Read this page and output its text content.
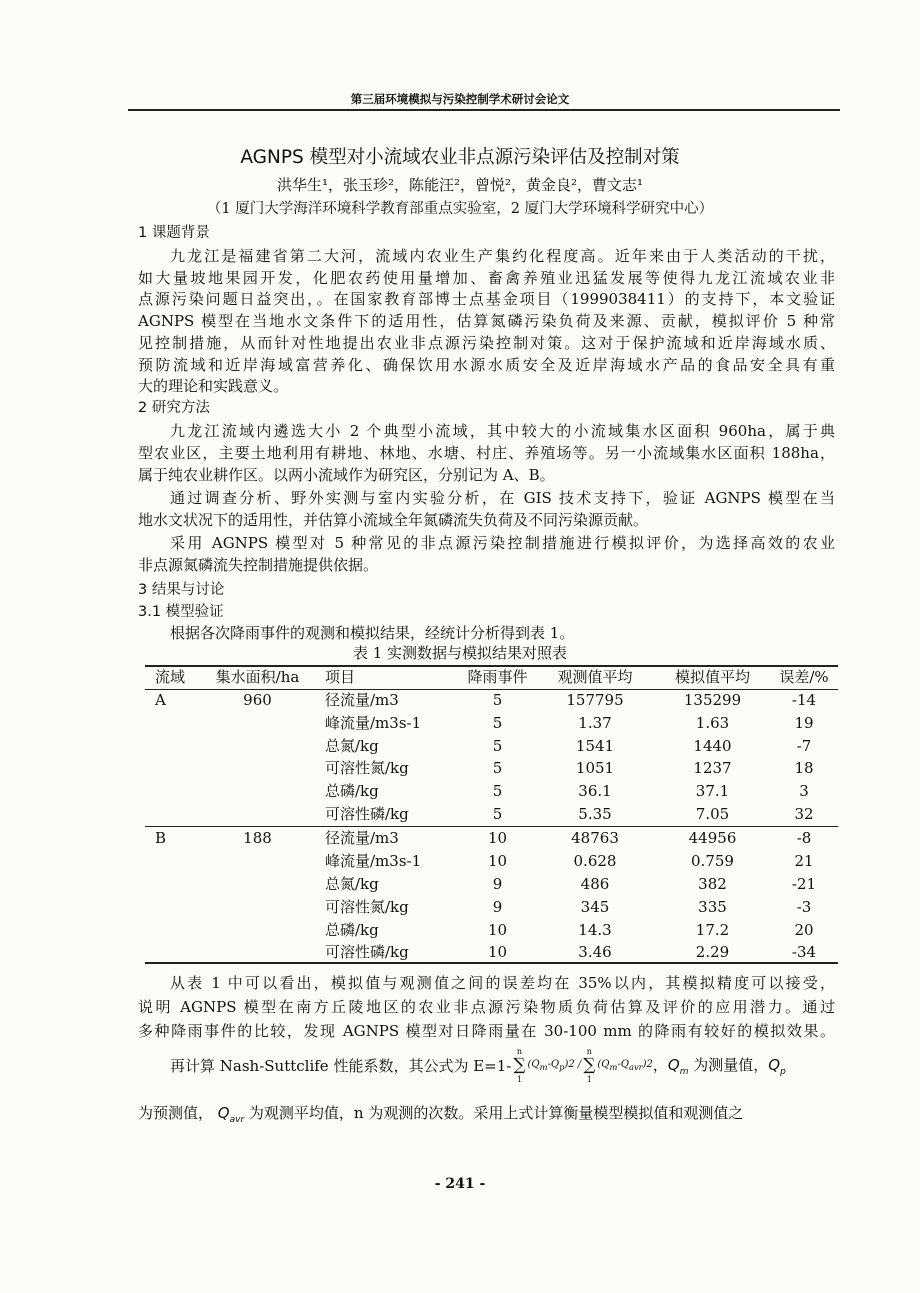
第三届环境模拟与污染控制学术研讨会论文
AGNPS 模型对小流域农业非点源污染评估及控制对策
洪华生¹，张玉珍²，陈能汪²，曾悦²，黄金良²，曹文志¹
（1 厦门大学海洋环境科学教育部重点实验室，2 厦门大学环境科学研究中心）
1 课题背景
九龙江是福建省第二大河，流域内农业生产集约化程度高。近年来由于人类活动的干扰，
如大量坡地果园开发，化肥农药使用量增加、畜禽养殖业迅猛发展等使得九龙江流域农业非
点源污染问题日益突出，。在国家教育部博士点基金项目（1999038411）的支持下，本文验证
AGNPS 模型在当地水文条件下的适用性，估算氮磷污染负荷及来源、贡献，模拟评价 5 种常
见控制措施，从而针对性地提出农业非点源污染控制对策。这对于保护流域和近岸海域水质、
预防流域和近岸海域富营养化、确保饮用水源水质安全及近岸海域水产品的食品安全具有重
大的理论和实践意义。
2 研究方法
九龙江流域内遴选大小 2 个典型小流域，其中较大的小流域集水区面积 960ha，属于典
型农业区，主要土地利用有耕地、林地、水塘、村庄、养殖场等。另一小流域集水区面积 188ha，
属于纯农业耕作区。以两小流域作为研究区，分别记为 A、B。
通过调查分析、野外实测与室内实验分析，在 GIS 技术支持下，验证 AGNPS 模型在当
地水文状况下的适用性，并估算小流域全年氮磷流失负荷及不同污染源贡献。
采用 AGNPS 模型对 5 种常见的非点源污染控制措施进行模拟评价，为选择高效的农业
非点源氮磷流失控制措施提供依据。
3 结果与讨论
3.1 模型验证
根据各次降雨事件的观测和模拟结果，经统计分析得到表 1。
从表 1 中可以看出，模拟值与观测值之间的误差均在 35%以内，其模拟精度可以接受，
说明 AGNPS 模型在南方丘陵地区的农业非点源污染物质负荷估算及评价的应用潜力。通过
多种降雨事件的比较，发现 AGNPS 模型对日降雨量在 30-100 mm 的降雨有较好的模拟效果。
表 1 实测数据与模拟结果对照表
流域	集水面积/ha	项目	降雨事件	观测值平均	模拟值平均	误差/%
A	960	径流量/m3	5	157795	135299	-14
		峰流量/m3s-1	5	1.37	1.63	19
		总氮/kg	5	1541	1440	-7
		可溶性氮/kg	5	1051	1237	18
		总磷/kg	5	36.1	37.1	3
		可溶性磷/kg	5	5.35	7.05	32
B	188	径流量/m3	10	48763	44956	-8
		峰流量/m3s-1	10	0.628	0.759	21
		总氮/kg	9	486	382	-21
		可溶性氮/kg	9	345	335	-3
		总磷/kg	10	14.3	17.2	20
		可溶性磷/kg	10	3.46	2.29	-34
再计算 Nash-Suttclife 性能系数，其公式为 E=1-
n
∑
1
$(Q_m-Q_p)2$ /
n
∑
1
$(Q_m-Q_{avr})2$ ，$Q_m$ 为测量值，$Q_p$
为预测值， $Q_{avr}$ 为观测平均值，n 为观测的次数。采用上式计算衡量模型模拟值和观测值之
- 241 -
